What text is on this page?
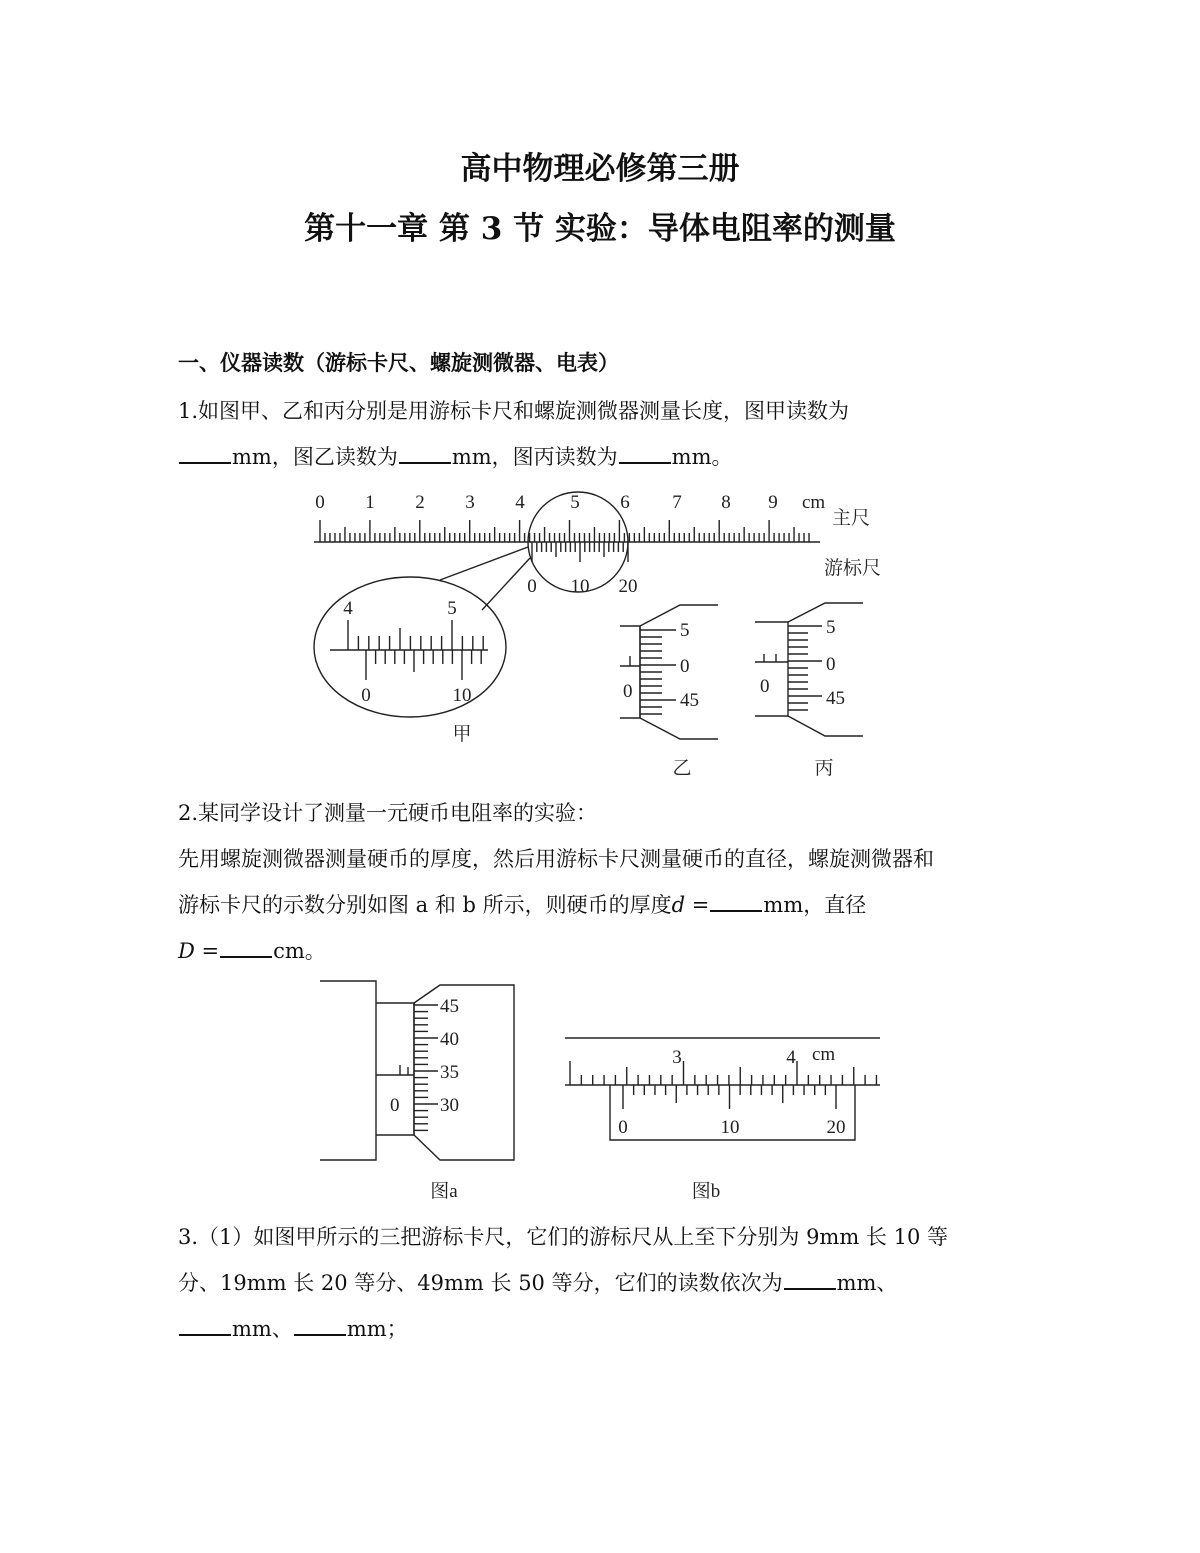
高中物理必修第三册
第十一章 第 3 节 实验：导体电阻率的测量
一、仪器读数（游标卡尺、螺旋测微器、电表）
1.如图甲、乙和丙分别是用游标卡尺和螺旋测微器测量长度，图甲读数为
mm，图乙读数为	mm，图丙读数为	mm。
0 1 2 3 4 5 6 7 8 9 cm
主尺
游标尺
0 10 20
4	5
0	10
甲
5
0
45
0
乙
5
0
45
0
丙
2.某同学设计了测量一元硬币电阻率的实验：
先用螺旋测微器测量硬币的厚度，然后用游标卡尺测量硬币的直径，螺旋测微器和
游标卡尺的示数分别如图 a 和 b 所示，则硬币的厚度d =	mm，直径
D =	cm。
45
40
35
30
0
图a
3	4 cm
0	10	20
图b
3.（1）如图甲所示的三把游标卡尺，它们的游标尺从上至下分别为 9mm 长 10 等
分、19mm 长 20 等分、49mm 长 50 等分，它们的读数依次为	mm、
mm、	mm；
